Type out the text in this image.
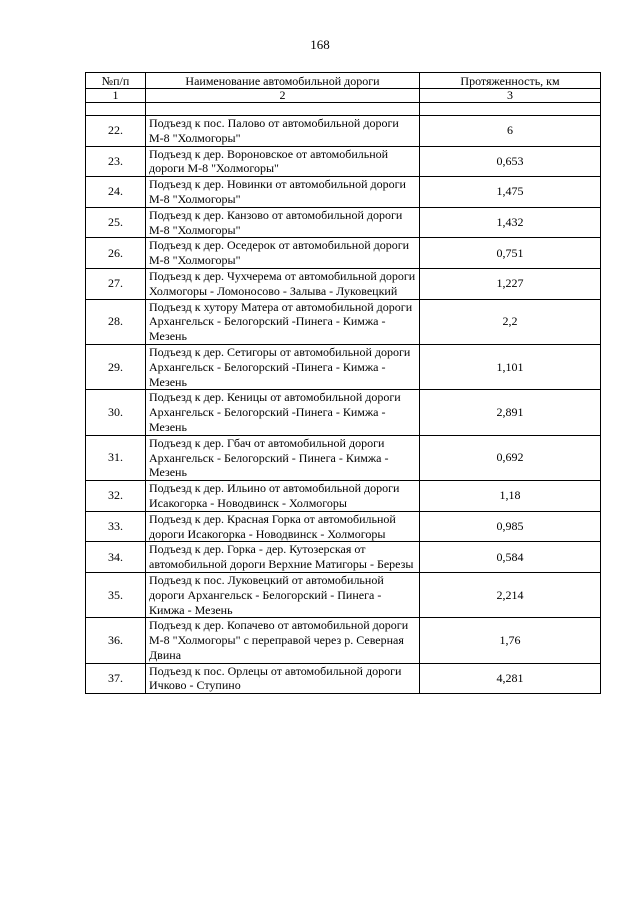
168
№п/п	Наименование автомобильной дороги	Протяженность, км
1	2	3

22.	Подъезд к пос. Палово от автомобильной дороги М-8 "Холмогоры"	6
23.	Подъезд к дер. Вороновское от автомобильной дороги М-8 "Холмогоры"	0,653
24.	Подъезд к дер. Новинки от автомобильной дороги М-8 "Холмогоры"	1,475
25.	Подъезд к дер. Канзово от автомобильной дороги М-8 "Холмогоры"	1,432
26.	Подъезд к дер. Оседерок от автомобильной дороги М-8 "Холмогоры"	0,751
27.	Подъезд к дер. Чухчерема от автомобильной дороги Холмогоры - Ломоносово - Залыва - Луковецкий	1,227
28.	Подъезд к хутору Матера от автомобильной дороги Архангельск - Белогорский -Пинега - Кимжа - Мезень	2,2
29.	Подъезд к дер. Сетигоры от автомобильной дороги Архангельск - Белогорский -Пинега - Кимжа - Мезень	1,101
30.	Подъезд к дер. Кеницы от автомобильной дороги Архангельск - Белогорский -Пинега - Кимжа - Мезень	2,891
31.	Подъезд к дер. Гбач от автомобильной дороги Архангельск - Белогорский - Пинега - Кимжа - Мезень	0,692
32.	Подъезд к дер. Ильино от автомобильной дороги Исакогорка - Новодвинск - Холмогоры	1,18
33.	Подъезд к дер. Красная Горка от автомобильной дороги Исакогорка - Новодвинск - Холмогоры	0,985
34.	Подъезд к дер. Горка - дер. Кутозерская от автомобильной дороги Верхние Матигоры - Березы	0,584
35.	Подъезд к пос. Луковецкий от автомобильной дороги Архангельск - Белогорский - Пинега - Кимжа - Мезень	2,214
36.	Подъезд к дер. Копачево от автомобильной дороги М-8 "Холмогоры" с переправой через р. Северная Двина	1,76
37.	Подъезд к пос. Орлецы от автомобильной дороги Ичково - Ступино	4,281
